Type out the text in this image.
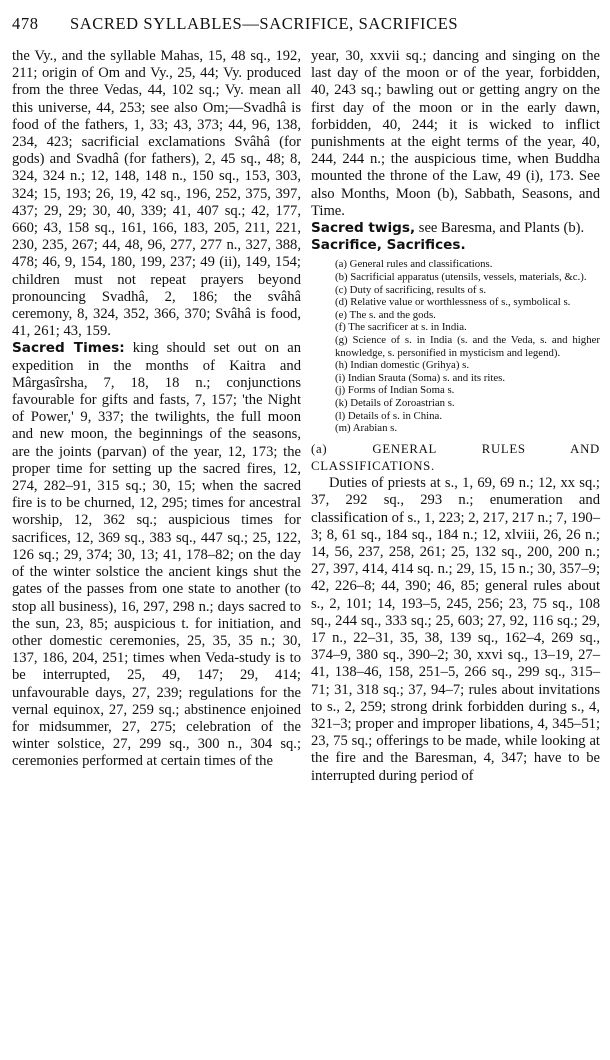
478	SACRED SYLLABLES—SACRIFICE, SACRIFICES

the Vy., and the syllable Mahas, 15, 48 sq., 192, 211; origin of Om and Vy., 25, 44; Vy. produced from the three Vedas, 44, 102 sq.; Vy. mean all this universe, 44, 253; see also Om;—Svadhâ is food of the fathers, 1, 33; 43, 373; 44, 96, 138, 234, 423; sacrificial exclamations Svâhâ (for gods) and Svadhâ (for fathers), 2, 45 sq., 48; 8, 324, 324 n.; 12, 148, 148 n., 150 sq., 153, 303, 324; 15, 193; 26, 19, 42 sq., 196, 252, 375, 397, 437; 29, 29; 30, 40, 339; 41, 407 sq.; 42, 177, 660; 43, 158 sq., 161, 166, 183, 205, 211, 221, 230, 235, 267; 44, 48, 96, 277, 277 n., 327, 388, 478; 46, 9, 154, 180, 199, 237; 49 (ii), 149, 154; children must not repeat prayers beyond pronouncing Svadhâ, 2, 186; the svâhâ ceremony, 8, 324, 352, 366, 370; Svâhâ is food, 41, 261; 43, 159.

Sacred Times: king should set out on an expedition in the months of Kaitra and Mârgasîrsha, 7, 18, 18 n.; conjunctions favourable for gifts and fasts, 7, 157; 'the Night of Power,' 9, 337; the twilights, the full moon and new moon, the beginnings of the seasons, are the joints (parvan) of the year, 12, 173; the proper time for setting up the sacred fires, 12, 274, 282–91, 315 sq.; 30, 15; when the sacred fire is to be churned, 12, 295; times for ancestral worship, 12, 362 sq.; auspicious times for sacrifices, 12, 369 sq., 383 sq., 447 sq.; 25, 122, 126 sq.; 29, 374; 30, 13; 41, 178–82; on the day of the winter solstice the ancient kings shut the gates of the passes from one state to another (to stop all business), 16, 297, 298 n.; days sacred to the sun, 23, 85; auspicious t. for initiation, and other domestic ceremonies, 25, 35, 35 n.; 30, 137, 186, 204, 251; times when Veda-study is to be interrupted, 25, 49, 147; 29, 414; unfavourable days, 27, 239; regulations for the vernal equinox, 27, 259 sq.; abstinence enjoined for midsummer, 27, 275; celebration of the winter solstice, 27, 299 sq., 300 n., 304 sq.; ceremonies performed at certain times of the

year, 30, xxvii sq.; dancing and singing on the last day of the moon or of the year, forbidden, 40, 243 sq.; bawling out or getting angry on the first day of the moon or in the early dawn, forbidden, 40, 244; it is wicked to inflict punishments at the eight terms of the year, 40, 244, 244 n.; the auspicious time, when Buddha mounted the throne of the Law, 49 (i), 173. See also Months, Moon (b), Sabbath, Seasons, and Time.

Sacred twigs, see Baresma, and Plants (b).

Sacrifice, Sacrifices.

(a) General rules and classifications.
(b) Sacrificial apparatus (utensils, vessels, materials, &c.).
(c) Duty of sacrificing, results of s.
(d) Relative value or worthlessness of s., symbolical s.
(e) The s. and the gods.
(f) The sacrificer at s. in India.
(g) Science of s. in India (s. and the Veda, s. and higher knowledge, s. personified in mysticism and legend).
(h) Indian domestic (Grihya) s.
(i) Indian Srauta (Soma) s. and its rites.
(j) Forms of Indian Soma s.
(k) Details of Zoroastrian s.
(l) Details of s. in China.
(m) Arabian s.

(a) GENERAL RULES AND CLASSIFICATIONS.

Duties of priests at s., 1, 69, 69 n.; 12, xx sq.; 37, 292 sq., 293 n.; enumeration and classification of s., 1, 223; 2, 217, 217 n.; 7, 190–3; 8, 61 sq., 184 sq., 184 n.; 12, xlviii, 26, 26 n.; 14, 56, 237, 258, 261; 25, 132 sq., 200, 200 n.; 27, 397, 414, 414 sq. n.; 29, 15, 15 n.; 30, 357–9; 42, 226–8; 44, 390; 46, 85; general rules about s., 2, 101; 14, 193–5, 245, 256; 23, 75 sq., 108 sq., 244 sq., 333 sq.; 25, 603; 27, 92, 116 sq.; 29, 17 n., 22–31, 35, 38, 139 sq., 162–4, 269 sq., 374–9, 380 sq., 390–2; 30, xxvi sq., 13–19, 27–41, 138–46, 158, 251–5, 266 sq., 299 sq., 315–71; 31, 318 sq.; 37, 94–7; rules about invitations to s., 2, 259; strong drink forbidden during s., 4, 321–3; proper and improper libations, 4, 345–51; 23, 75 sq.; offerings to be made, while looking at the fire and the Baresman, 4, 347; have to be interrupted during period of
